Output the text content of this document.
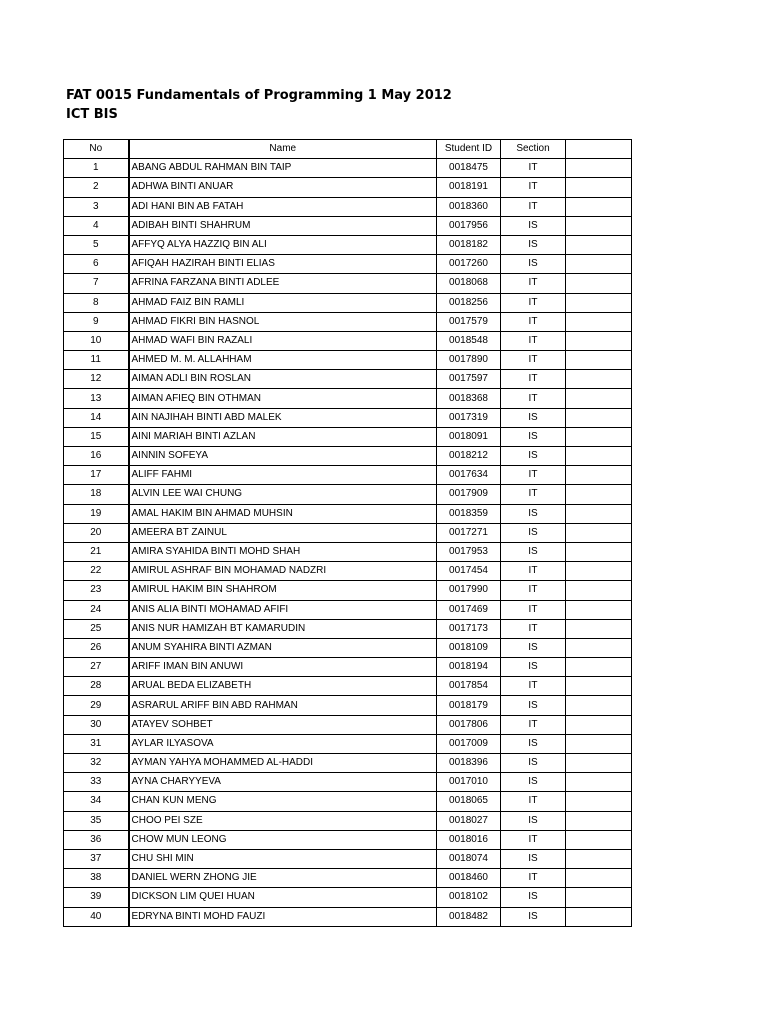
FAT 0015 Fundamentals of Programming 1 May 2012
ICT BIS
No	Name	Student ID	Section	
1	ABANG ABDUL RAHMAN BIN TAIP	0018475	IT	
2	ADHWA BINTI ANUAR	0018191	IT	
3	ADI HANI BIN AB FATAH	0018360	IT	
4	ADIBAH BINTI SHAHRUM	0017956	IS	
5	AFFYQ ALYA HAZZIQ BIN ALI	0018182	IS	
6	AFIQAH HAZIRAH BINTI ELIAS	0017260	IS	
7	AFRINA FARZANA BINTI ADLEE	0018068	IT	
8	AHMAD FAIZ BIN RAMLI	0018256	IT	
9	AHMAD FIKRI BIN HASNOL	0017579	IT	
10	AHMAD WAFI BIN RAZALI	0018548	IT	
11	AHMED M. M. ALLAHHAM	0017890	IT	
12	AIMAN ADLI BIN ROSLAN	0017597	IT	
13	AIMAN AFIEQ BIN OTHMAN	0018368	IT	
14	AIN NAJIHAH BINTI ABD MALEK	0017319	IS	
15	AINI MARIAH BINTI AZLAN	0018091	IS	
16	AINNIN SOFEYA	0018212	IS	
17	ALIFF FAHMI	0017634	IT	
18	ALVIN LEE WAI CHUNG	0017909	IT	
19	AMAL HAKIM BIN AHMAD MUHSIN	0018359	IS	
20	AMEERA BT ZAINUL	0017271	IS	
21	AMIRA SYAHIDA BINTI MOHD SHAH	0017953	IS	
22	AMIRUL ASHRAF BIN MOHAMAD NADZRI	0017454	IT	
23	AMIRUL HAKIM BIN SHAHROM	0017990	IT	
24	ANIS ALIA BINTI MOHAMAD AFIFI	0017469	IT	
25	ANIS NUR HAMIZAH BT KAMARUDIN	0017173	IT	
26	ANUM SYAHIRA BINTI AZMAN	0018109	IS	
27	ARIFF IMAN BIN ANUWI	0018194	IS	
28	ARUAL BEDA ELIZABETH	0017854	IT	
29	ASRARUL ARIFF BIN ABD RAHMAN	0018179	IS	
30	ATAYEV SOHBET	0017806	IT	
31	AYLAR ILYASOVA	0017009	IS	
32	AYMAN YAHYA MOHAMMED AL-HADDI	0018396	IS	
33	AYNA CHARYYEVA	0017010	IS	
34	CHAN KUN MENG	0018065	IT	
35	CHOO PEI SZE	0018027	IS	
36	CHOW MUN LEONG	0018016	IT	
37	CHU SHI MIN	0018074	IS	
38	DANIEL WERN ZHONG JIE	0018460	IT	
39	DICKSON LIM QUEI HUAN	0018102	IS	
40	EDRYNA BINTI MOHD FAUZI	0018482	IS	
